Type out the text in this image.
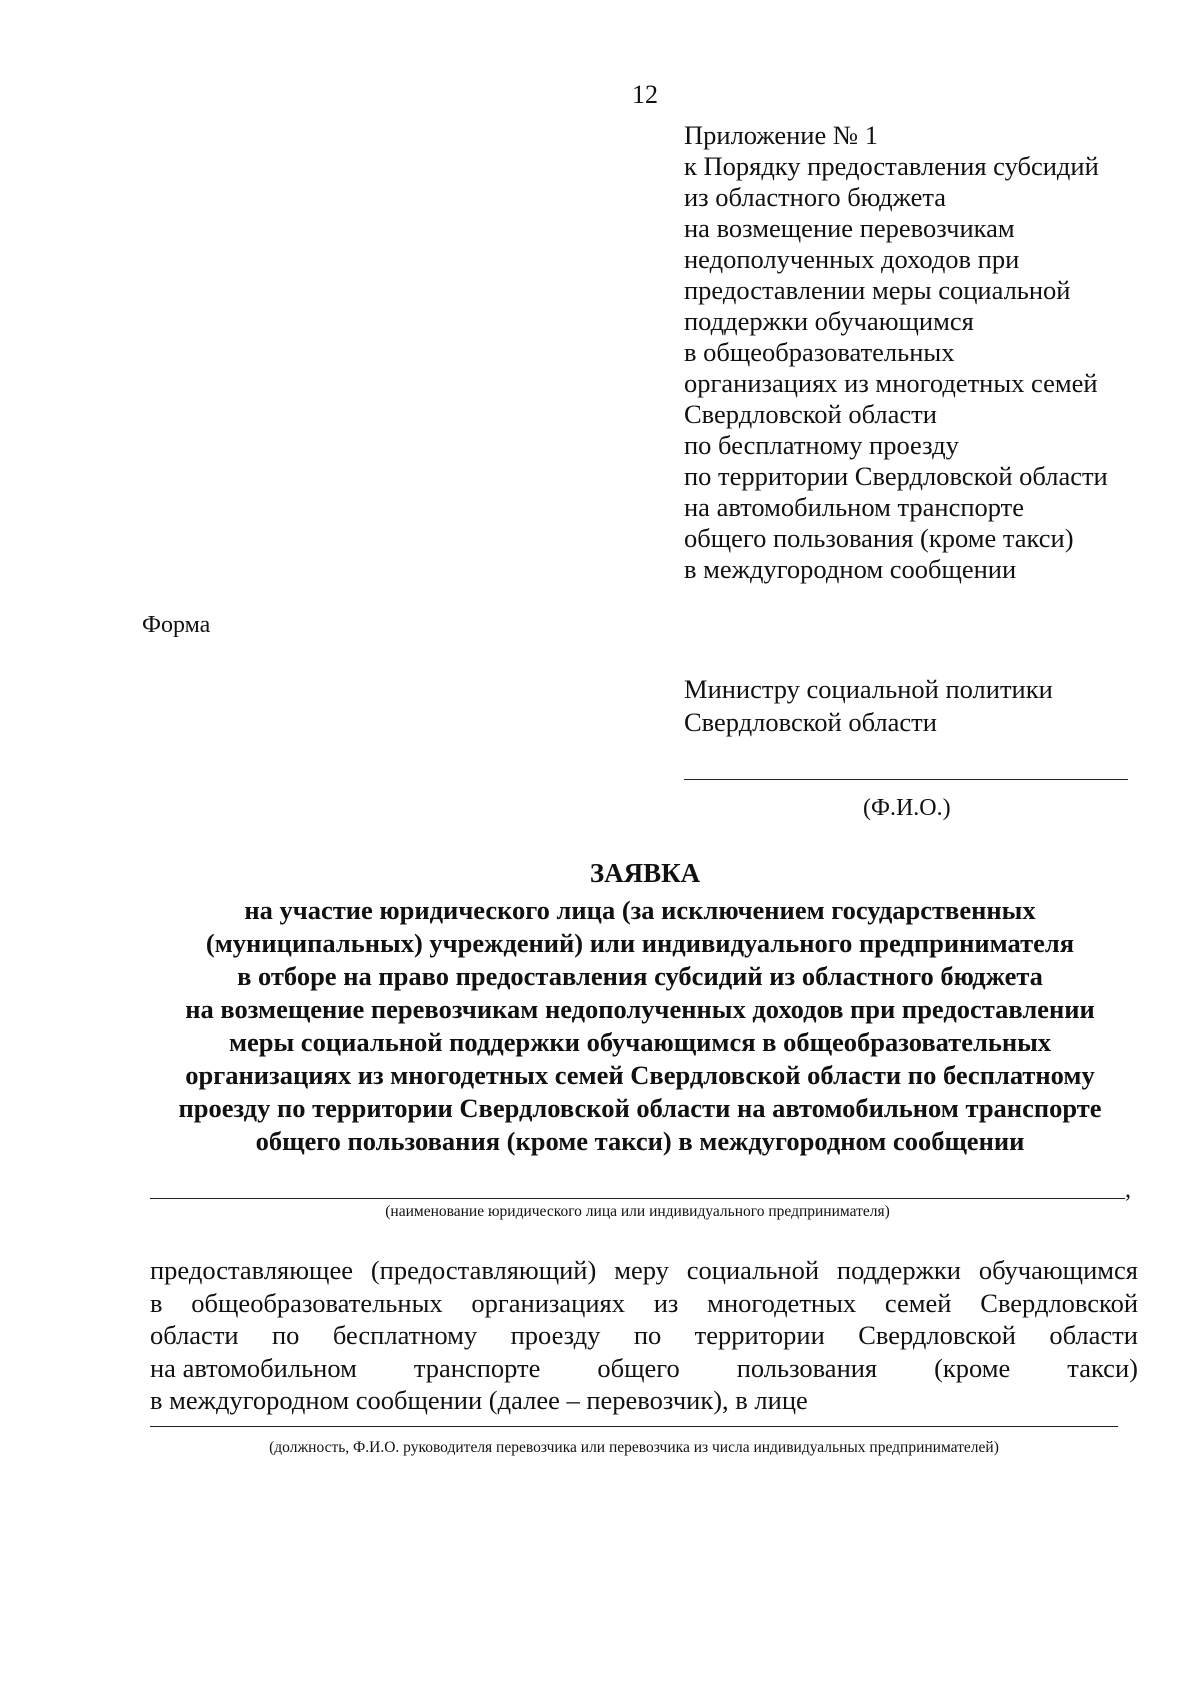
12
Приложение № 1
к Порядку предоставления субсидий
из областного бюджета
на возмещение перевозчикам
недополученных доходов при
предоставлении меры социальной
поддержки обучающимся
в общеобразовательных
организациях из многодетных семей
Свердловской области
по бесплатному проезду
по территории Свердловской области
на автомобильном транспорте
общего пользования (кроме такси)
в междугородном сообщении
Форма
Министру социальной политики
Свердловской области
(Ф.И.О.)
ЗАЯВКА
на участие юридического лица (за исключением государственных
(муниципальных) учреждений) или индивидуального предпринимателя
в отборе на право предоставления субсидий из областного бюджета
на возмещение перевозчикам недополученных доходов при предоставлении
меры социальной поддержки обучающимся в общеобразовательных
организациях из многодетных семей Свердловской области по бесплатному
проезду по территории Свердловской области на автомобильном транспорте
общего пользования (кроме такси) в междугородном сообщении
,
(наименование юридического лица или индивидуального предпринимателя)
предоставляющее (предоставляющий) меру социальной поддержки обучающимся
в общеобразовательных организациях из многодетных семей Свердловской
области по бесплатному проезду по территории Свердловской области
на автомобильном транспорте общего пользования (кроме такси)
в междугородном сообщении (далее – перевозчик), в лице
(должность, Ф.И.О. руководителя перевозчика или перевозчика из числа индивидуальных предпринимателей)
